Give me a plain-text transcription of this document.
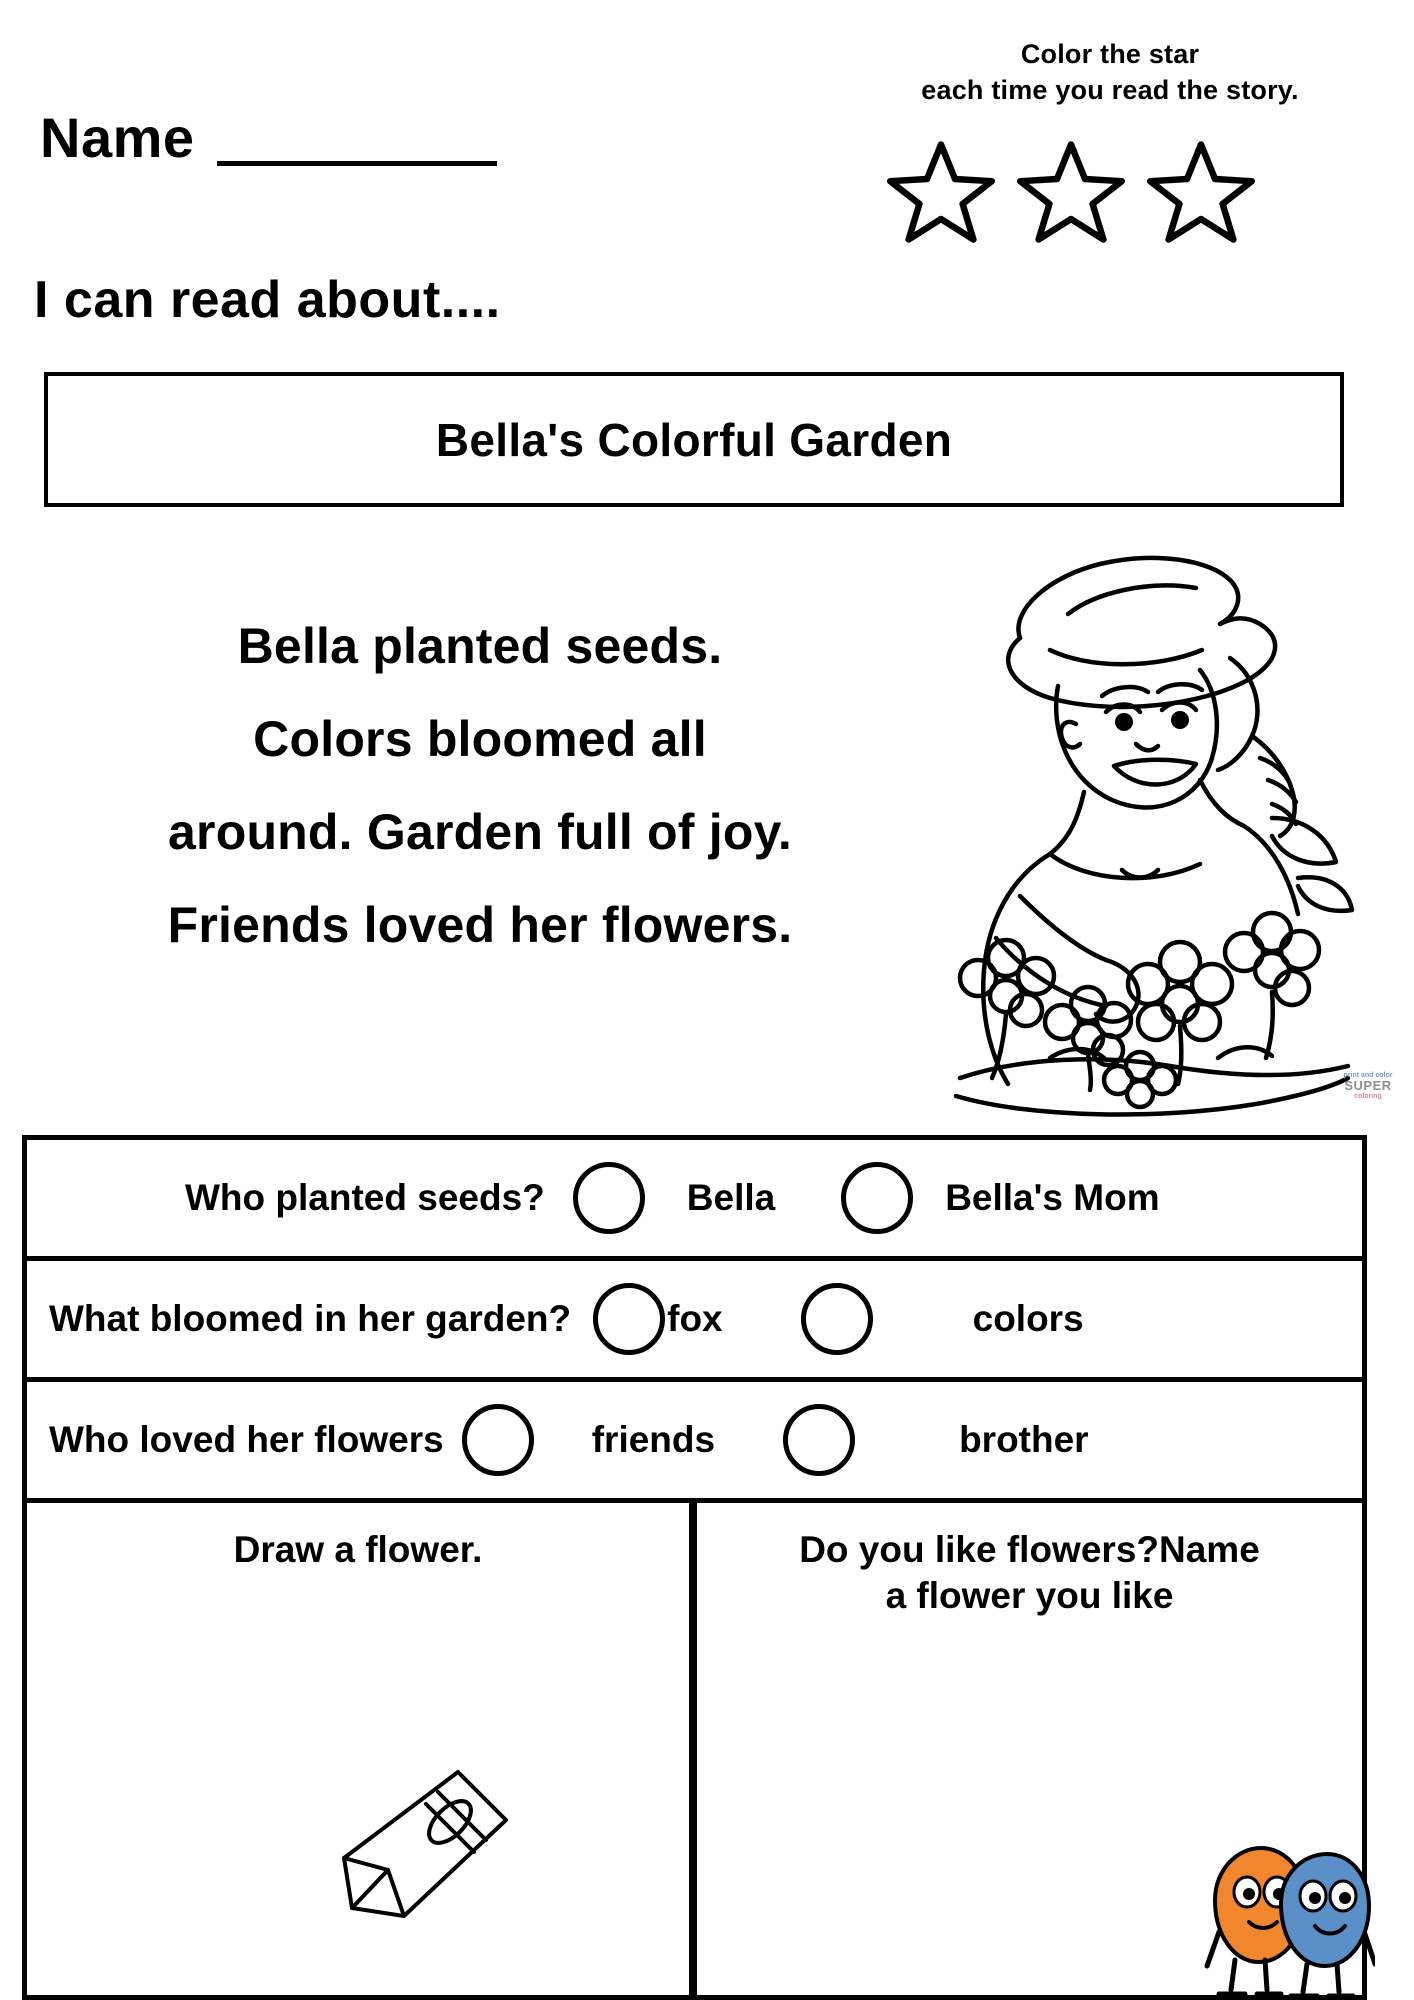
Color the star
each time you read the story.
Name
I can read about....
Bella's Colorful Garden
Bella planted seeds.
Colors bloomed all
around. Garden full of joy.
Friends loved her flowers.
print and color
SUPER
coloring
Who planted seeds?	Bella	Bella's Mom
What bloomed in her garden?	fox	colors
Who loved her flowers	friends	brother
Draw a flower.	Do you like flowers?Name
a flower you like
